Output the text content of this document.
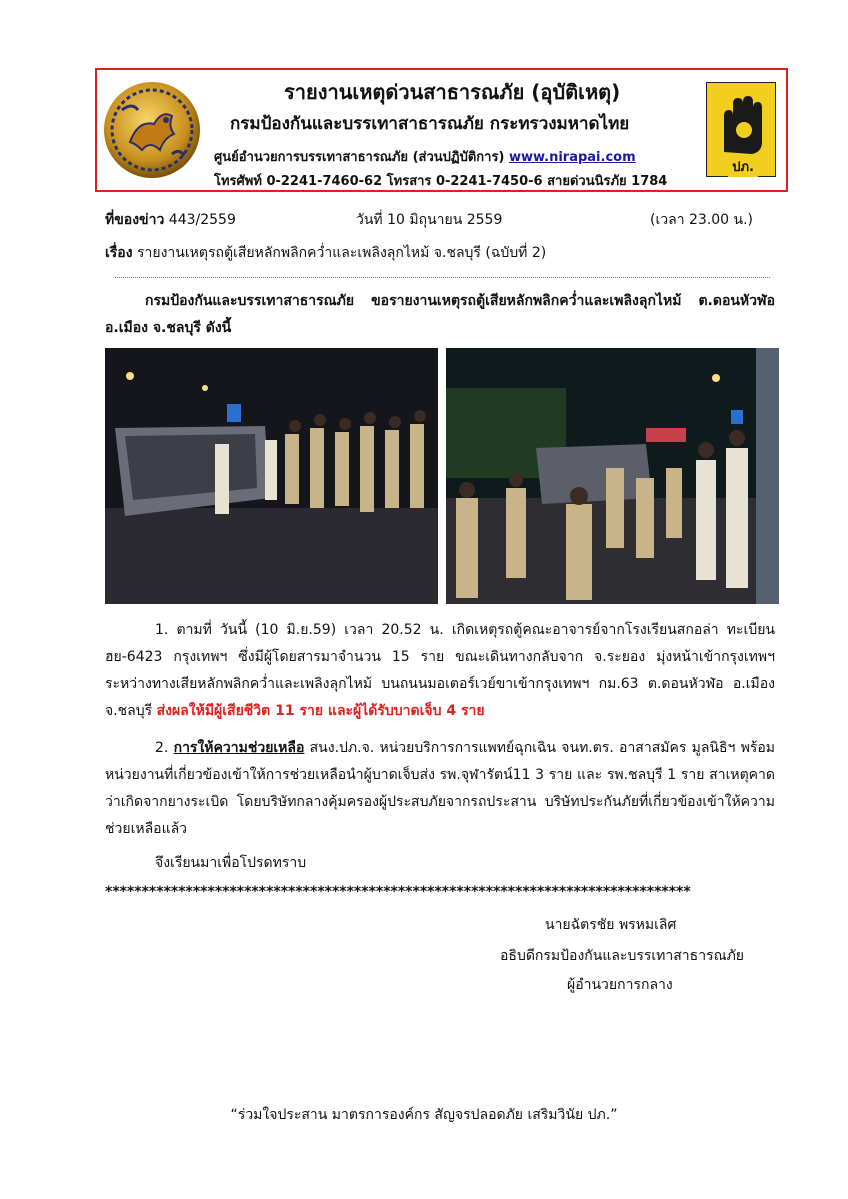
รายงานเหตุด่วนสาธารณภัย (อุบัติเหตุ)
กรมป้องกันและบรรเทาสาธารณภัย กระทรวงมหาดไทย
ศูนย์อำนวยการบรรเทาสาธารณภัย (ส่วนปฏิบัติการ) www.nirapai.com
โทรศัพท์ 0-2241-7460-62 โทรสาร 0-2241-7450-6 สายด่วนนิรภัย 1784
ปภ.
ที่ของข่าว 443/2559	วันที่ 10 มิถุนายน 2559	(เวลา 23.00 น.)
เรื่อง รายงานเหตุรถตู้เสียหลักพลิกคว่ำและเพลิงลุกไหม้ จ.ชลบุรี (ฉบับที่ 2)
กรมป้องกันและบรรเทาสาธารณภัย ขอรายงานเหตุรถตู้เสียหลักพลิกคว่ำและเพลิงลุกไหม้ ต.ดอนหัวฬ่อ อ.เมือง จ.ชลบุรี ดังนี้
1. ตามที่ วันนี้ (10 มิ.ย.59) เวลา 20.52 น. เกิดเหตุรถตู้คณะอาจารย์จากโรงเรียนสกอล่า ทะเบียน ฮย-6423 กรุงเทพฯ ซึ่งมีผู้โดยสารมาจำนวน 15 ราย ขณะเดินทางกลับจาก จ.ระยอง มุ่งหน้าเข้ากรุงเทพฯ ระหว่างทางเสียหลักพลิกคว่ำและเพลิงลุกไหม้ บนถนนมอเตอร์เวย์ขาเข้ากรุงเทพฯ กม.63 ต.ดอนหัวฬ่อ อ.เมือง จ.ชลบุรี ส่งผลให้มีผู้เสียชีวิต 11 ราย และผู้ได้รับบาดเจ็บ 4 ราย
2. การให้ความช่วยเหลือ สนง.ปภ.จ. หน่วยบริการการแพทย์ฉุกเฉิน จนท.ตร. อาสาสมัคร มูลนิธิฯ พร้อมหน่วยงานที่เกี่ยวข้องเข้าให้การช่วยเหลือนำผู้บาดเจ็บส่ง รพ.จุฬารัตน์11 3 ราย และ รพ.ชลบุรี 1 ราย สาเหตุคาดว่าเกิดจากยางระเบิด โดยบริษัทกลางคุ้มครองผู้ประสบภัยจากรถประสาน บริษัทประกันภัยที่เกี่ยวข้องเข้าให้ความช่วยเหลือแล้ว
จึงเรียนมาเพื่อโปรดทราบ
********************************************************************************
นายฉัตรชัย พรหมเลิศ
อธิบดีกรมป้องกันและบรรเทาสาธารณภัย
ผู้อำนวยการกลาง
“ร่วมใจประสาน มาตรการองค์กร สัญจรปลอดภัย เสริมวินัย ปภ.”
